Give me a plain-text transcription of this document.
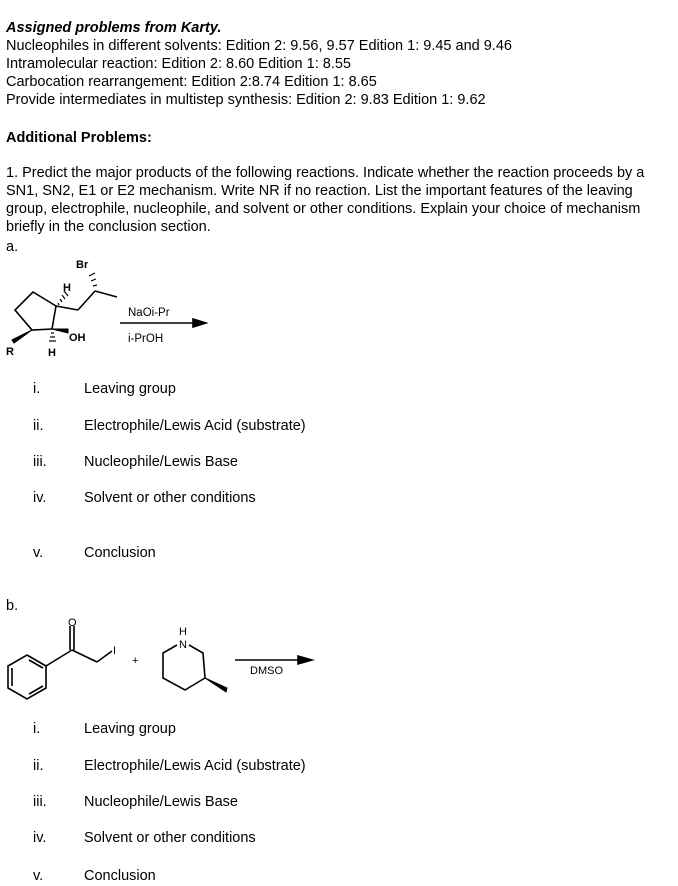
Assigned problems from Karty.
Nucleophiles in different solvents: Edition 2: 9.56, 9.57 Edition 1: 9.45 and 9.46
Intramolecular reaction: Edition 2: 8.60 Edition 1: 8.55
Carbocation rearrangement: Edition 2:8.74 Edition 1: 8.65
Provide intermediates in multistep synthesis: Edition 2: 9.83 Edition 1: 9.62
Additional Problems:
1. Predict the major products of the following reactions. Indicate whether the reaction proceeds by a SN1, SN2, E1 or E2 mechanism. Write NR if no reaction. List the important features of the leaving group, electrophile, nucleophile, and solvent or other conditions. Explain your choice of mechanism briefly in the conclusion section.
a.
Br
H
OH
R	H
NaOi-Pr
i-PrOH
O
I
H
N
+
DMSO
i.	Leaving group
ii.	Electrophile/Lewis Acid (substrate)
iii.	Nucleophile/Lewis Base
iv.	Solvent or other conditions
v.	Conclusion
b.
i.	Leaving group
ii.	Electrophile/Lewis Acid (substrate)
iii.	Nucleophile/Lewis Base
iv.	Solvent or other conditions
v.	Conclusion
